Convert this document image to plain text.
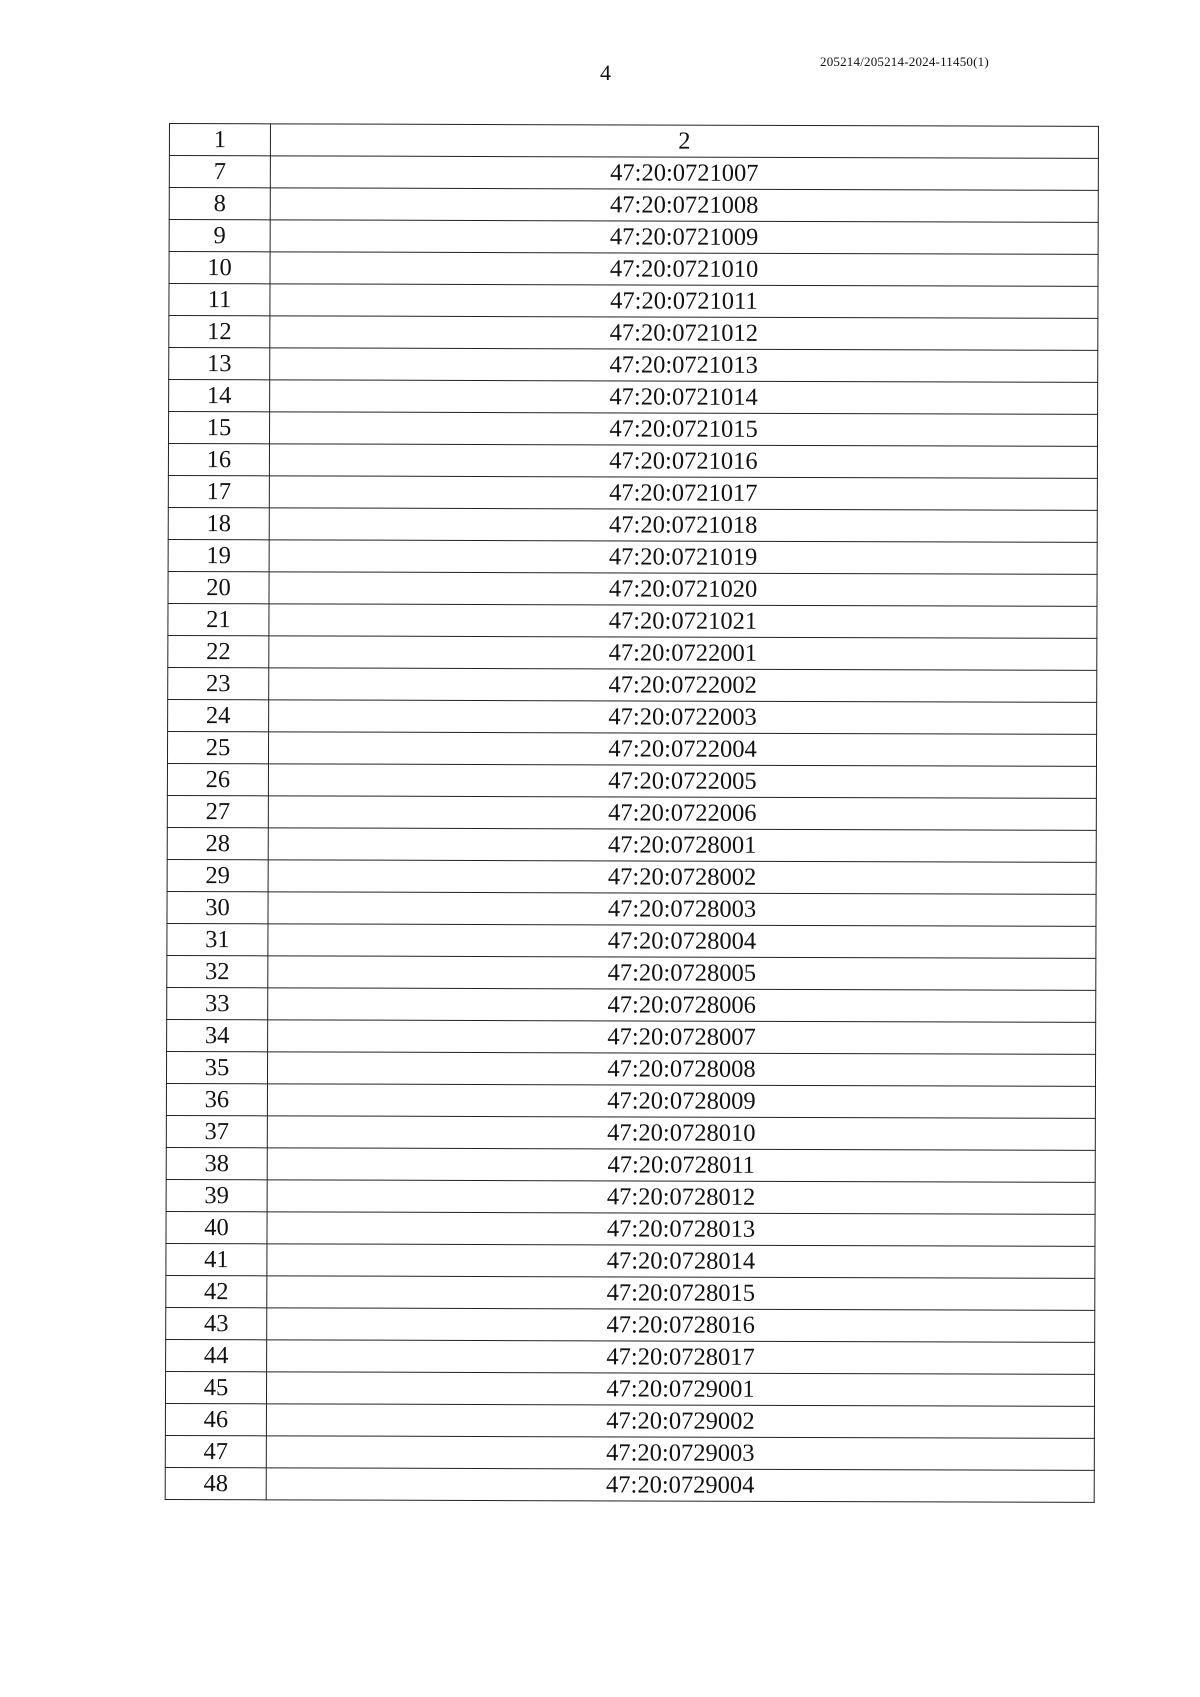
4	205214/205214-2024-11450(1)
1	2
7	47:20:0721007
8	47:20:0721008
9	47:20:0721009
10	47:20:0721010
11	47:20:0721011
12	47:20:0721012
13	47:20:0721013
14	47:20:0721014
15	47:20:0721015
16	47:20:0721016
17	47:20:0721017
18	47:20:0721018
19	47:20:0721019
20	47:20:0721020
21	47:20:0721021
22	47:20:0722001
23	47:20:0722002
24	47:20:0722003
25	47:20:0722004
26	47:20:0722005
27	47:20:0722006
28	47:20:0728001
29	47:20:0728002
30	47:20:0728003
31	47:20:0728004
32	47:20:0728005
33	47:20:0728006
34	47:20:0728007
35	47:20:0728008
36	47:20:0728009
37	47:20:0728010
38	47:20:0728011
39	47:20:0728012
40	47:20:0728013
41	47:20:0728014
42	47:20:0728015
43	47:20:0728016
44	47:20:0728017
45	47:20:0729001
46	47:20:0729002
47	47:20:0729003
48	47:20:0729004
